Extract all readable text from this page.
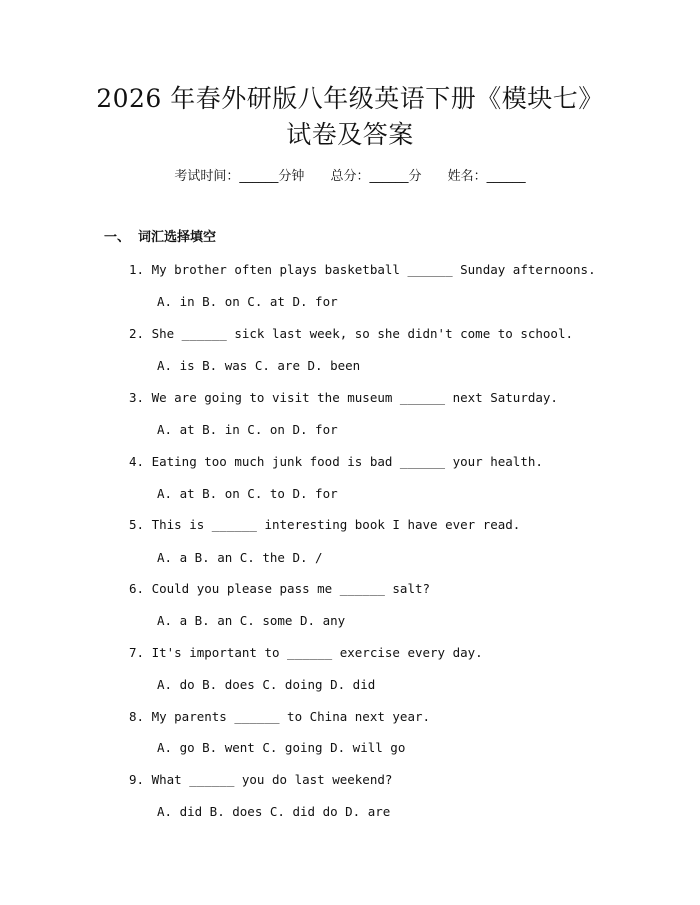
2026 年春外研版八年级英语下册《模块七》
试卷及答案
考试时间：______分钟 总分：______分 姓名：______
一、 词汇选择填空
1. My brother often plays basketball ______ Sunday afternoons.
A. in B. on C. at D. for
2. She ______ sick last week, so she didn't come to school.
A. is B. was C. are D. been
3. We are going to visit the museum ______ next Saturday.
A. at B. in C. on D. for
4. Eating too much junk food is bad ______ your health.
A. at B. on C. to D. for
5. This is ______ interesting book I have ever read.
A. a B. an C. the D. /
6. Could you please pass me ______ salt?
A. a B. an C. some D. any
7. It's important to ______ exercise every day.
A. do B. does C. doing D. did
8. My parents ______ to China next year.
A. go B. went C. going D. will go
9. What ______ you do last weekend?
A. did B. does C. did do D. are
